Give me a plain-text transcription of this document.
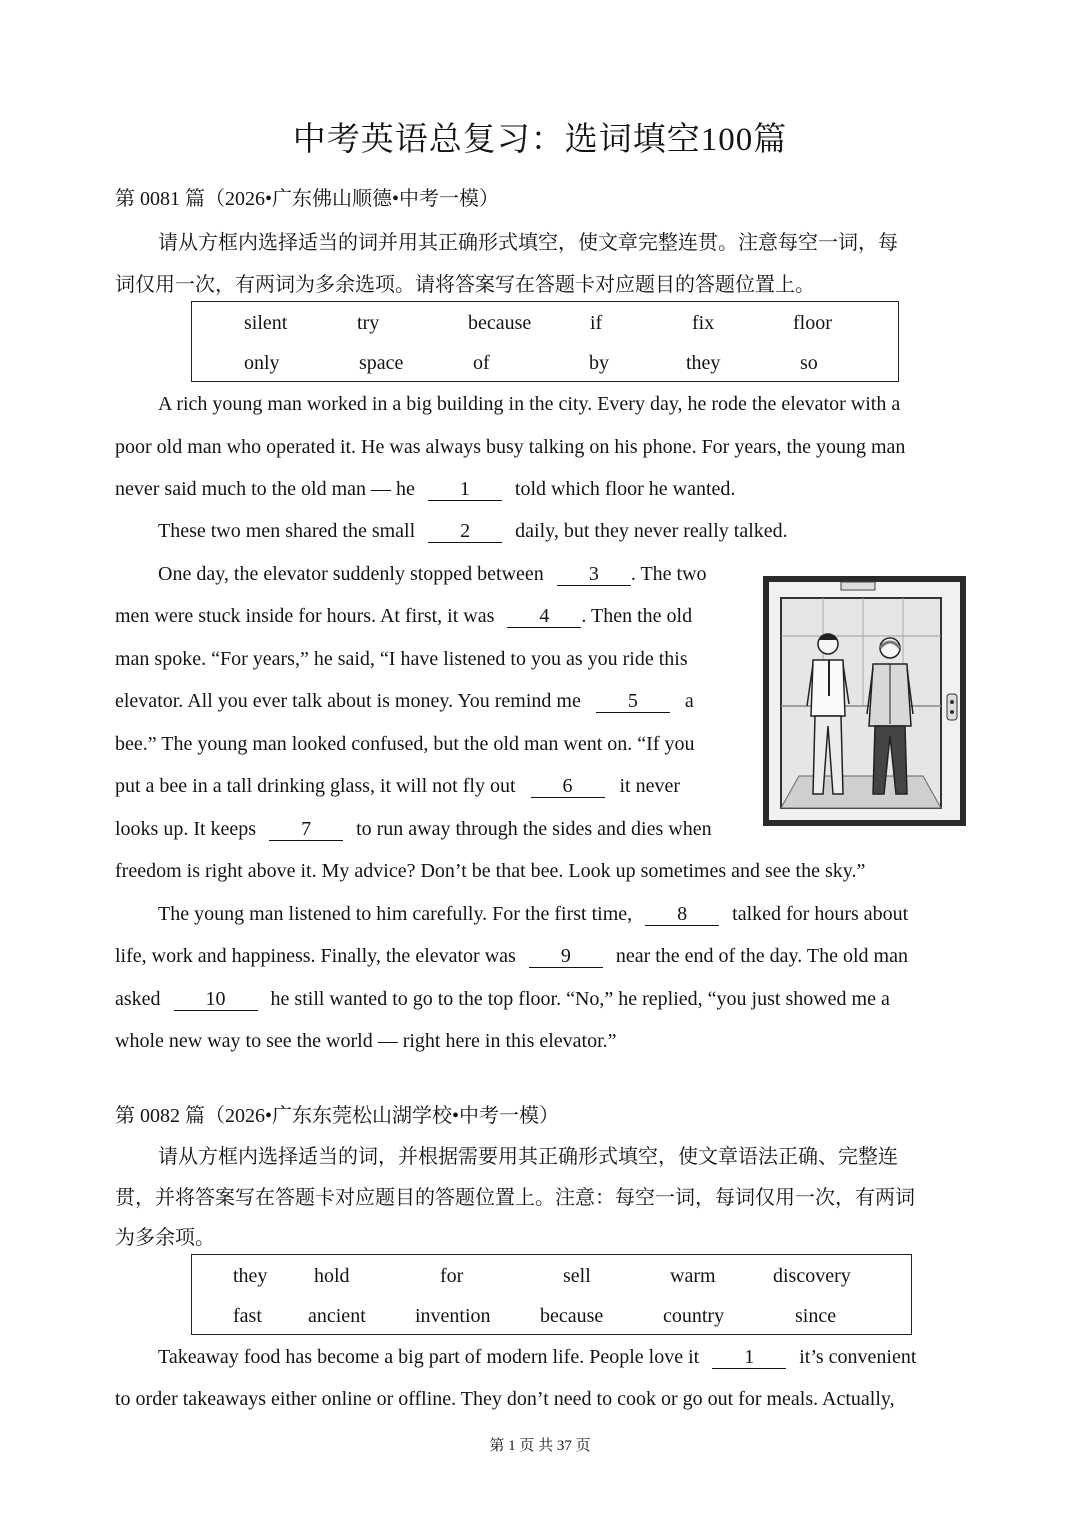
中考英语总复习：选词填空100篇
第 0081 篇（2026•广东佛山顺德•中考一模）
请从方框内选择适当的词并用其正确形式填空，使文章完整连贯。注意每空一词，每
词仅用一次，有两词为多余选项。请将答案写在答题卡对应题目的答题位置上。
silent	try	because	if	fix	floor
only	space	of	by	they	so
A rich young man worked in a big building in the city. Every day, he rode the elevator with a
poor old man who operated it. He was always busy talking on his phone. For years, the young man
never said much to the old man — he 1 told which floor he wanted.
These two men shared the small 2 daily, but they never really talked.
One day, the elevator suddenly stopped between 3 . The two
men were stuck inside for hours. At first, it was 4 . Then the old
man spoke. “For years,” he said, “I have listened to you as you ride this
elevator. All you ever talk about is money. You remind me 5 a
bee.” The young man looked confused, but the old man went on. “If you
put a bee in a tall drinking glass, it will not fly out 6 it never
looks up. It keeps 7 to run away through the sides and dies when
freedom is right above it. My advice? Don’t be that bee. Look up sometimes and see the sky.”
The young man listened to him carefully. For the first time, 8 talked for hours about
life, work and happiness. Finally, the elevator was 9 near the end of the day. The old man
asked 10 he still wanted to go to the top floor. “No,” he replied, “you just showed me a
whole new way to see the world — right here in this elevator.”
第 0082 篇（2026•广东东莞松山湖学校•中考一模）
请从方框内选择适当的词，并根据需要用其正确形式填空，使文章语法正确、完整连
贯，并将答案写在答题卡对应题目的答题位置上。注意：每空一词，每词仅用一次，有两词
为多余项。
they hold	for	sell	warm	discovery
fast ancient invention because	country	since
Takeaway food has become a big part of modern life. People love it 1 it’s convenient
to order takeaways either online or offline. They don’t need to cook or go out for meals. Actually,
第 1 页 共 37 页
